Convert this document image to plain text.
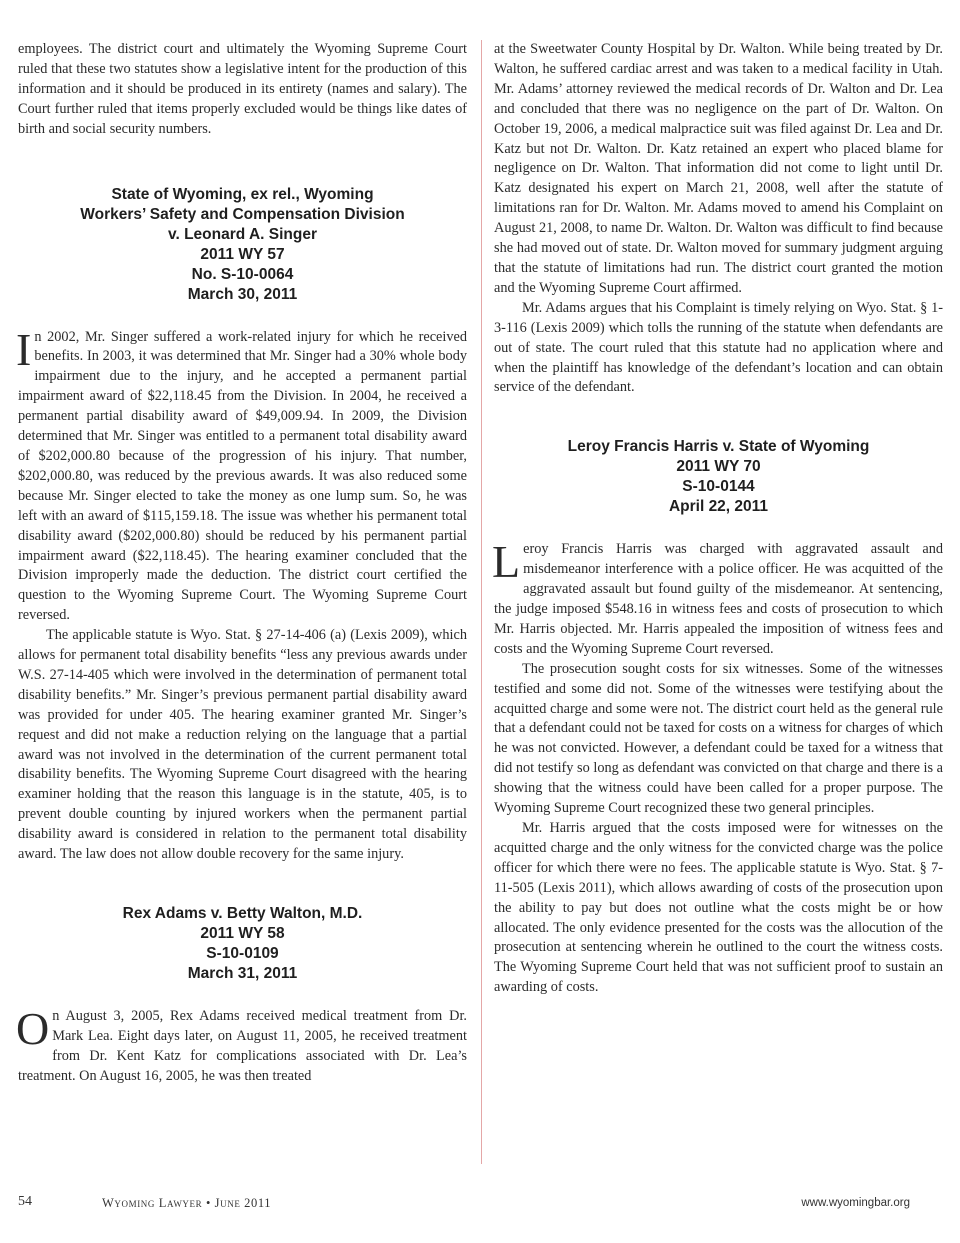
employees. The district court and ultimately the Wyoming Supreme Court ruled that these two statutes show a legislative intent for the production of this information and it should be produced in its entirety (names and salary). The Court further ruled that items properly excluded would be things like dates of birth and social security numbers.

State of Wyoming, ex rel., Wyoming
Workers’ Safety and Compensation Division
v. Leonard A. Singer
2011 WY 57
No. S-10-0064
March 30, 2011

In 2002, Mr. Singer suffered a work-related injury for which he received benefits. In 2003, it was determined that Mr. Singer had a 30% whole body impairment due to the injury, and he accepted a permanent partial impairment award of $22,118.45 from the Division. In 2004, he received a permanent partial disability award of $49,009.94. In 2009, the Division determined that Mr. Singer was entitled to a permanent total disability award of $202,000.80 because of the progression of his injury. That number, $202,000.80, was reduced by the previous awards. It was also reduced some because Mr. Singer elected to take the money as one lump sum. So, he was left with an award of $115,159.18. The issue was whether his permanent total disability award ($202,000.80) should be reduced by his permanent partial impairment award ($22,118.45). The hearing examiner concluded that the Division improperly made the deduction. The district court certified the question to the Wyoming Supreme Court. The Wyoming Supreme Court reversed.

The applicable statute is Wyo. Stat. § 27-14-406 (a) (Lexis 2009), which allows for permanent total disability benefits “less any previous awards under W.S. 27-14-405 which were involved in the determination of permanent total disability benefits.” Mr. Singer’s previous permanent partial disability award was provided for under 405. The hearing examiner granted Mr. Singer’s request and did not make a reduction relying on the language that a partial award was not involved in the determination of the current permanent total disability benefits. The Wyoming Supreme Court disagreed with the hearing examiner holding that the reason this language is in the statute, 405, is to prevent double counting by injured workers when the permanent partial disability award is considered in relation to the permanent total disability award. The law does not allow double recovery for the same injury.

Rex Adams v. Betty Walton, M.D.
2011 WY 58
S-10-0109
March 31, 2011

On August 3, 2005, Rex Adams received medical treatment from Dr. Mark Lea. Eight days later, on August 11, 2005, he received treatment from Dr. Kent Katz for complications associated with Dr. Lea’s treatment. On August 16, 2005, he was then treated

at the Sweetwater County Hospital by Dr. Walton. While being treated by Dr. Walton, he suffered cardiac arrest and was taken to a medical facility in Utah. Mr. Adams’ attorney reviewed the medical records of Dr. Walton and Dr. Lea and concluded that there was no negligence on the part of Dr. Walton. On October 19, 2006, a medical malpractice suit was filed against Dr. Lea and Dr. Katz but not Dr. Walton. Dr. Katz retained an expert who placed blame for negligence on Dr. Walton. That information did not come to light until Dr. Katz designated his expert on March 21, 2008, well after the statute of limitations ran for Dr. Walton. Mr. Adams moved to amend his Complaint on August 21, 2008, to name Dr. Walton. Dr. Walton was difficult to find because she had moved out of state. Dr. Walton moved for summary judgment arguing that the statute of limitations had run. The district court granted the motion and the Wyoming Supreme Court affirmed.

Mr. Adams argues that his Complaint is timely relying on Wyo. Stat. § 1-3-116 (Lexis 2009) which tolls the running of the statute when defendants are out of state. The court ruled that this statute had no application where and when the plaintiff has knowledge of the defendant’s location and can obtain service of the defendant.

Leroy Francis Harris v. State of Wyoming
2011 WY 70
S-10-0144
April 22, 2011

Leroy Francis Harris was charged with aggravated assault and misdemeanor interference with a police officer. He was acquitted of the aggravated assault but found guilty of the misdemeanor. At sentencing, the judge imposed $548.16 in witness fees and costs of prosecution to which Mr. Harris objected. Mr. Harris appealed the imposition of witness fees and costs and the Wyoming Supreme Court reversed.

The prosecution sought costs for six witnesses. Some of the witnesses testified and some did not. Some of the witnesses were testifying about the acquitted charge and some were not. The district court held as the general rule that a defendant could not be taxed for costs on a witness for charges of which he was not convicted. However, a defendant could be taxed for a witness that did not testify so long as defendant was convicted on that charge and there is a showing that the witness could have been called for a proper purpose. The Wyoming Supreme Court recognized these two general principles.

Mr. Harris argued that the costs imposed were for witnesses on the acquitted charge and the only witness for the convicted charge was the police officer for which there were no fees. The applicable statute is Wyo. Stat. § 7-11-505 (Lexis 2011), which allows awarding of costs of the prosecution upon the ability to pay but does not outline what the costs might be or how allocated. The only evidence presented for the costs was the allocution of the prosecution at sentencing wherein he outlined to the court the witness costs. The Wyoming Supreme Court held that was not sufficient proof to sustain an awarding of costs.

54	Wyoming Lawyer • June 2011	www.wyomingbar.org
